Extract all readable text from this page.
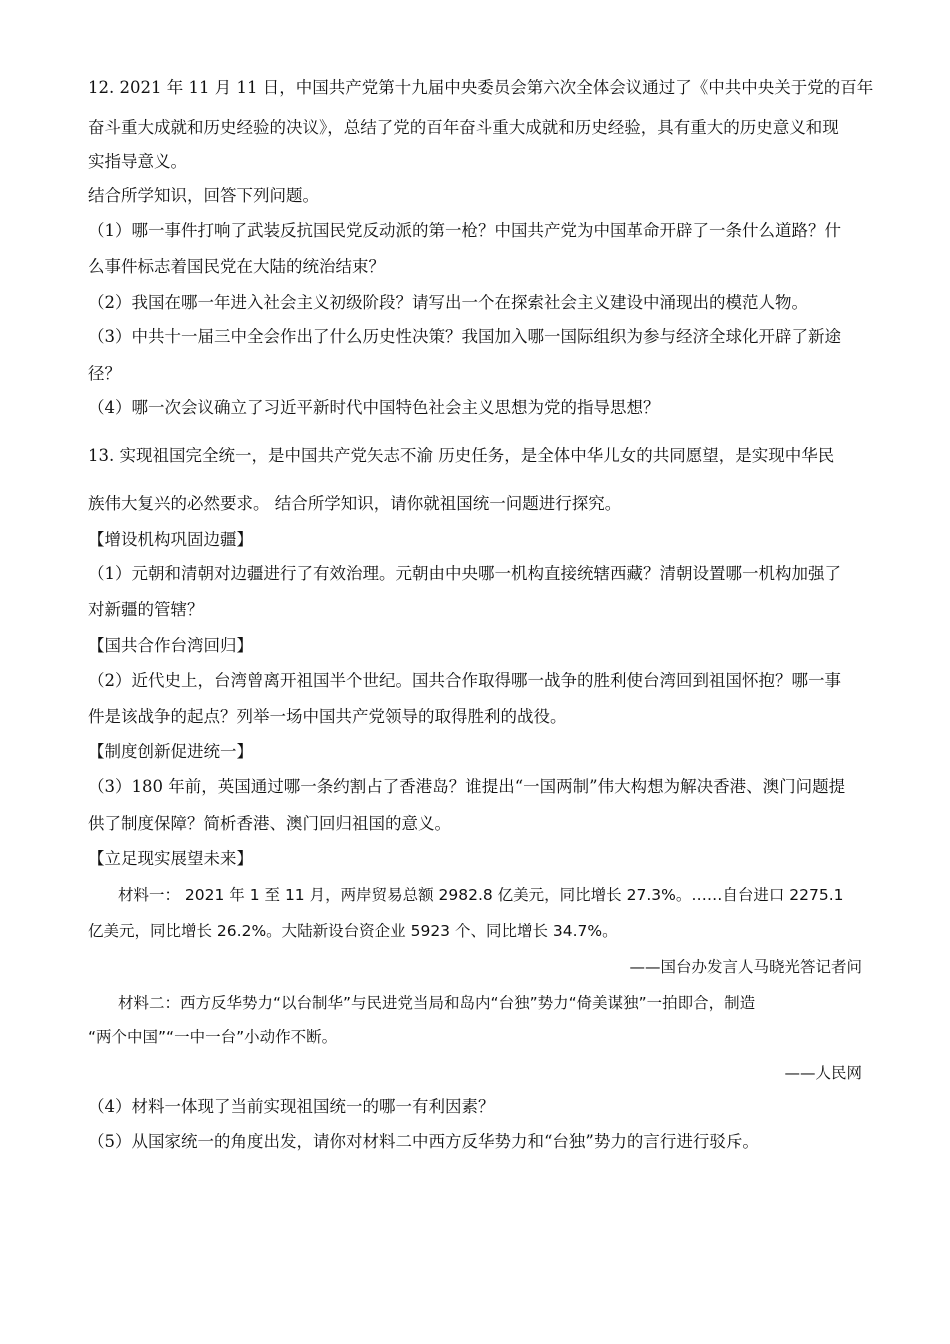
12. 2021 年 11 月 11 日，中国共产党第十九届中央委员会第六次全体会议通过了《中共中央关于党的百年
奋斗重大成就和历史经验的决议》，总结了党的百年奋斗重大成就和历史经验，具有重大的历史意义和现
实指导意义。
结合所学知识，回答下列问题。
（1）哪一事件打响了武装反抗国民党反动派的第一枪？中国共产党为中国革命开辟了一条什么道路？什
么事件标志着国民党在大陆的统治结束？
（2）我国在哪一年进入社会主义初级阶段？请写出一个在探索社会主义建设中涌现出的模范人物。
（3）中共十一届三中全会作出了什么历史性决策？我国加入哪一国际组织为参与经济全球化开辟了新途
径？
（4）哪一次会议确立了习近平新时代中国特色社会主义思想为党的指导思想？
13. 实现祖国完全统一，是中国共产党矢志不渝 历史任务，是全体中华儿女的共同愿望，是实现中华民
族伟大复兴的必然要求。 结合所学知识，请你就祖国统一问题进行探究。
【增设机构巩固边疆】
（1）元朝和清朝对边疆进行了有效治理。元朝由中央哪一机构直接统辖西藏？清朝设置哪一机构加强了
对新疆的管辖？
【国共合作台湾回归】
（2）近代史上，台湾曾离开祖国半个世纪。国共合作取得哪一战争的胜利使台湾回到祖国怀抱？哪一事
件是该战争的起点？列举一场中国共产党领导的取得胜利的战役。
【制度创新促进统一】
（3）180 年前，英国通过哪一条约割占了香港岛？谁提出“一国两制”伟大构想为解决香港、澳门问题提
供了制度保障？简析香港、澳门回归祖国的意义。
【立足现实展望未来】
材料一： 2021 年 1 至 11 月，两岸贸易总额 2982.8 亿美元，同比增长 27.3%。……自台进口 2275.1
亿美元，同比增长 26.2%。大陆新设台资企业 5923 个、同比增长 34.7%。
——国台办发言人马晓光答记者问
材料二：西方反华势力“以台制华”与民进党当局和岛内“台独”势力“倚美谋独”一拍即合，制造
“两个中国”“一中一台”小动作不断。
——人民网
（4）材料一体现了当前实现祖国统一的哪一有利因素？
（5）从国家统一的角度出发，请你对材料二中西方反华势力和“台独”势力的言行进行驳斥。
